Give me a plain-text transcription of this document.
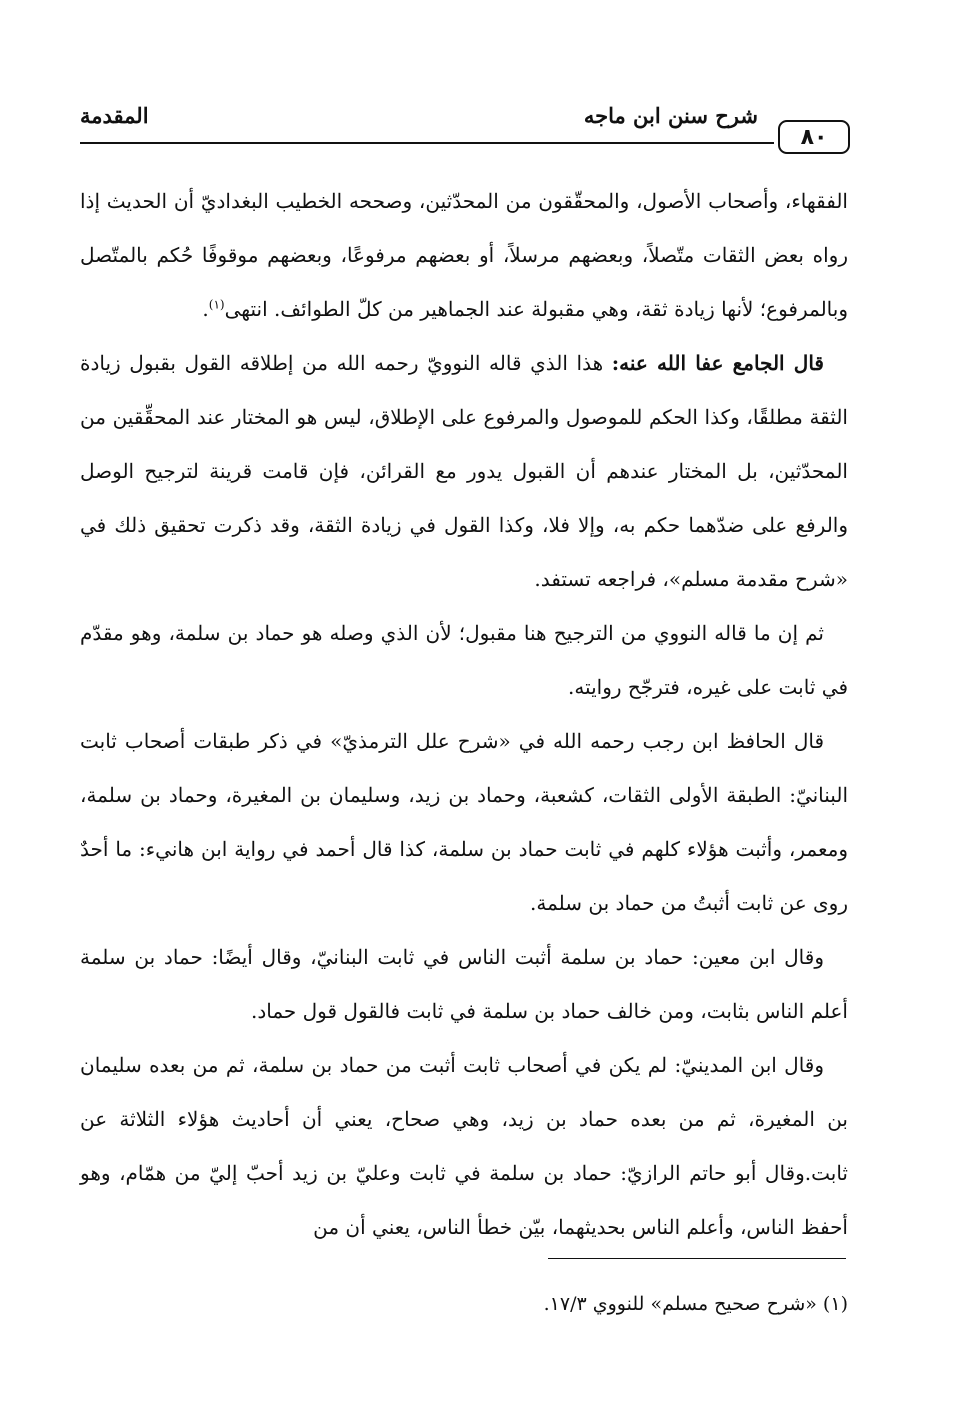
المقدمة	شرح سنن ابن ماجه
٨٠

الفقهاء، وأصحاب الأصول، والمحقّقون من المحدّثين، وصححه الخطيب البغداديّ أن الحديث إذا رواه بعض الثقات متّصلاً، وبعضهم مرسلاً، أو بعضهم مرفوعًا، وبعضهم موقوفًا حُكم بالمتّصل وبالمرفوع؛ لأنها زيادة ثقة، وهي مقبولة عند الجماهير من كلّ الطوائف. انتهى$^{(١)}$.

قال الجامع عفا الله عنه: هذا الذي قاله النوويّ رحمه الله من إطلاقه القول بقبول زيادة الثقة مطلقًا، وكذا الحكم للموصول والمرفوع على الإطلاق، ليس هو المختار عند المحقِّقين من المحدّثين، بل المختار عندهم أن القبول يدور مع القرائن، فإن قامت قرينة لترجيح الوصل والرفع على ضدّهما حكم به، وإلا فلا، وكذا القول في زيادة الثقة، وقد ذكرت تحقيق ذلك في «شرح مقدمة مسلم»، فراجعه تستفد.

ثم إن ما قاله النووي من الترجيح هنا مقبول؛ لأن الذي وصله هو حماد بن سلمة، وهو مقدّم في ثابت على غيره، فترجّح روايته.

قال الحافظ ابن رجب رحمه الله في «شرح علل الترمذيّ» في ذكر طبقات أصحاب ثابت البنانيّ: الطبقة الأولى الثقات، كشعبة، وحماد بن زيد، وسليمان بن المغيرة، وحماد بن سلمة، ومعمر، وأثبت هؤلاء كلهم في ثابت حماد بن سلمة، كذا قال أحمد في رواية ابن هانيء: ما أحدٌ روى عن ثابت أثبتُ من حماد بن سلمة.

وقال ابن معين: حماد بن سلمة أثبت الناس في ثابت البنانيّ، وقال أيضًا: حماد بن سلمة أعلم الناس بثابت، ومن خالف حماد بن سلمة في ثابت فالقول قول حماد.

وقال ابن المدينيّ: لم يكن في أصحاب ثابت أثبت من حماد بن سلمة، ثم من بعده سليمان بن المغيرة، ثم من بعده حماد بن زيد، وهي صحاح، يعني أن أحاديث هؤلاء الثلاثة عن ثابت.وقال أبو حاتم الرازيّ: حماد بن سلمة في ثابت وعليّ بن زيد أحبّ إليّ من همّام، وهو أحفظ الناس، وأعلم الناس بحديثهما، بيّن خطأ الناس، يعني أن من

(١) «شرح صحيح مسلم» للنووي ١٧/٣.
